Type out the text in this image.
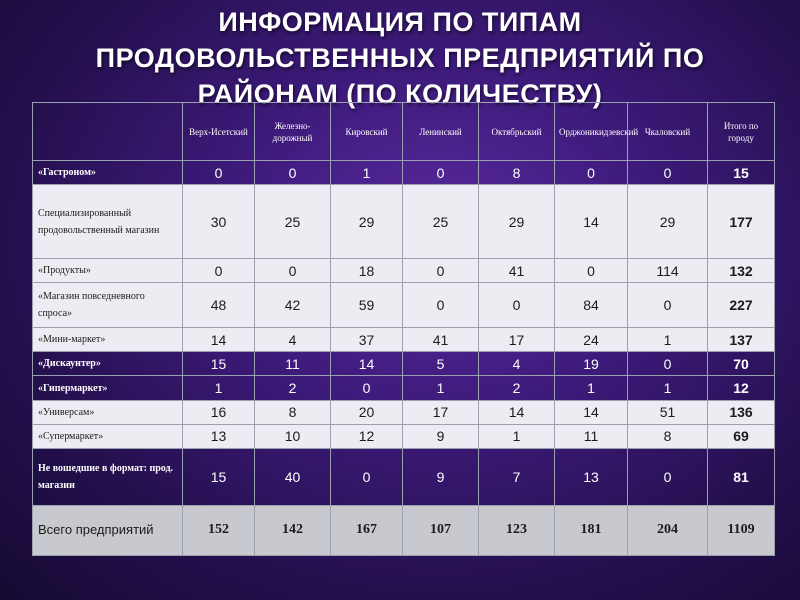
ИНФОРМАЦИЯ ПО ТИПАМ
ПРОДОВОЛЬСТВЕННЫХ ПРЕДПРИЯТИЙ ПО
РАЙОНАМ (ПО КОЛИЧЕСТВУ)
	Верх-Исетский	Железно-дорожный	Кировский	Ленинский	Октябрьский	Орджоникидзевский	Чкаловский	Итого по городу
«Гастроном»	0	0	1	0	8	0	0	15
Специализированный продовольственный магазин	30	25	29	25	29	14	29	177
«Продукты»	0	0	18	0	41	0	114	132
«Магазин повседневного спроса»	48	42	59	0	0	84	0	227
«Мини-маркет»	14	4	37	41	17	24	1	137
«Дискаунтер»	15	11	14	5	4	19	0	70
«Гипермаркет»	1	2	0	1	2	1	1	12
«Универсам»	16	8	20	17	14	14	51	136
«Супермаркет»	13	10	12	9	1	11	8	69
Не вошедшие в формат: прод. магазин	15	40	0	9	7	13	0	81
Всего предприятий	152	142	167	107	123	181	204	1109
